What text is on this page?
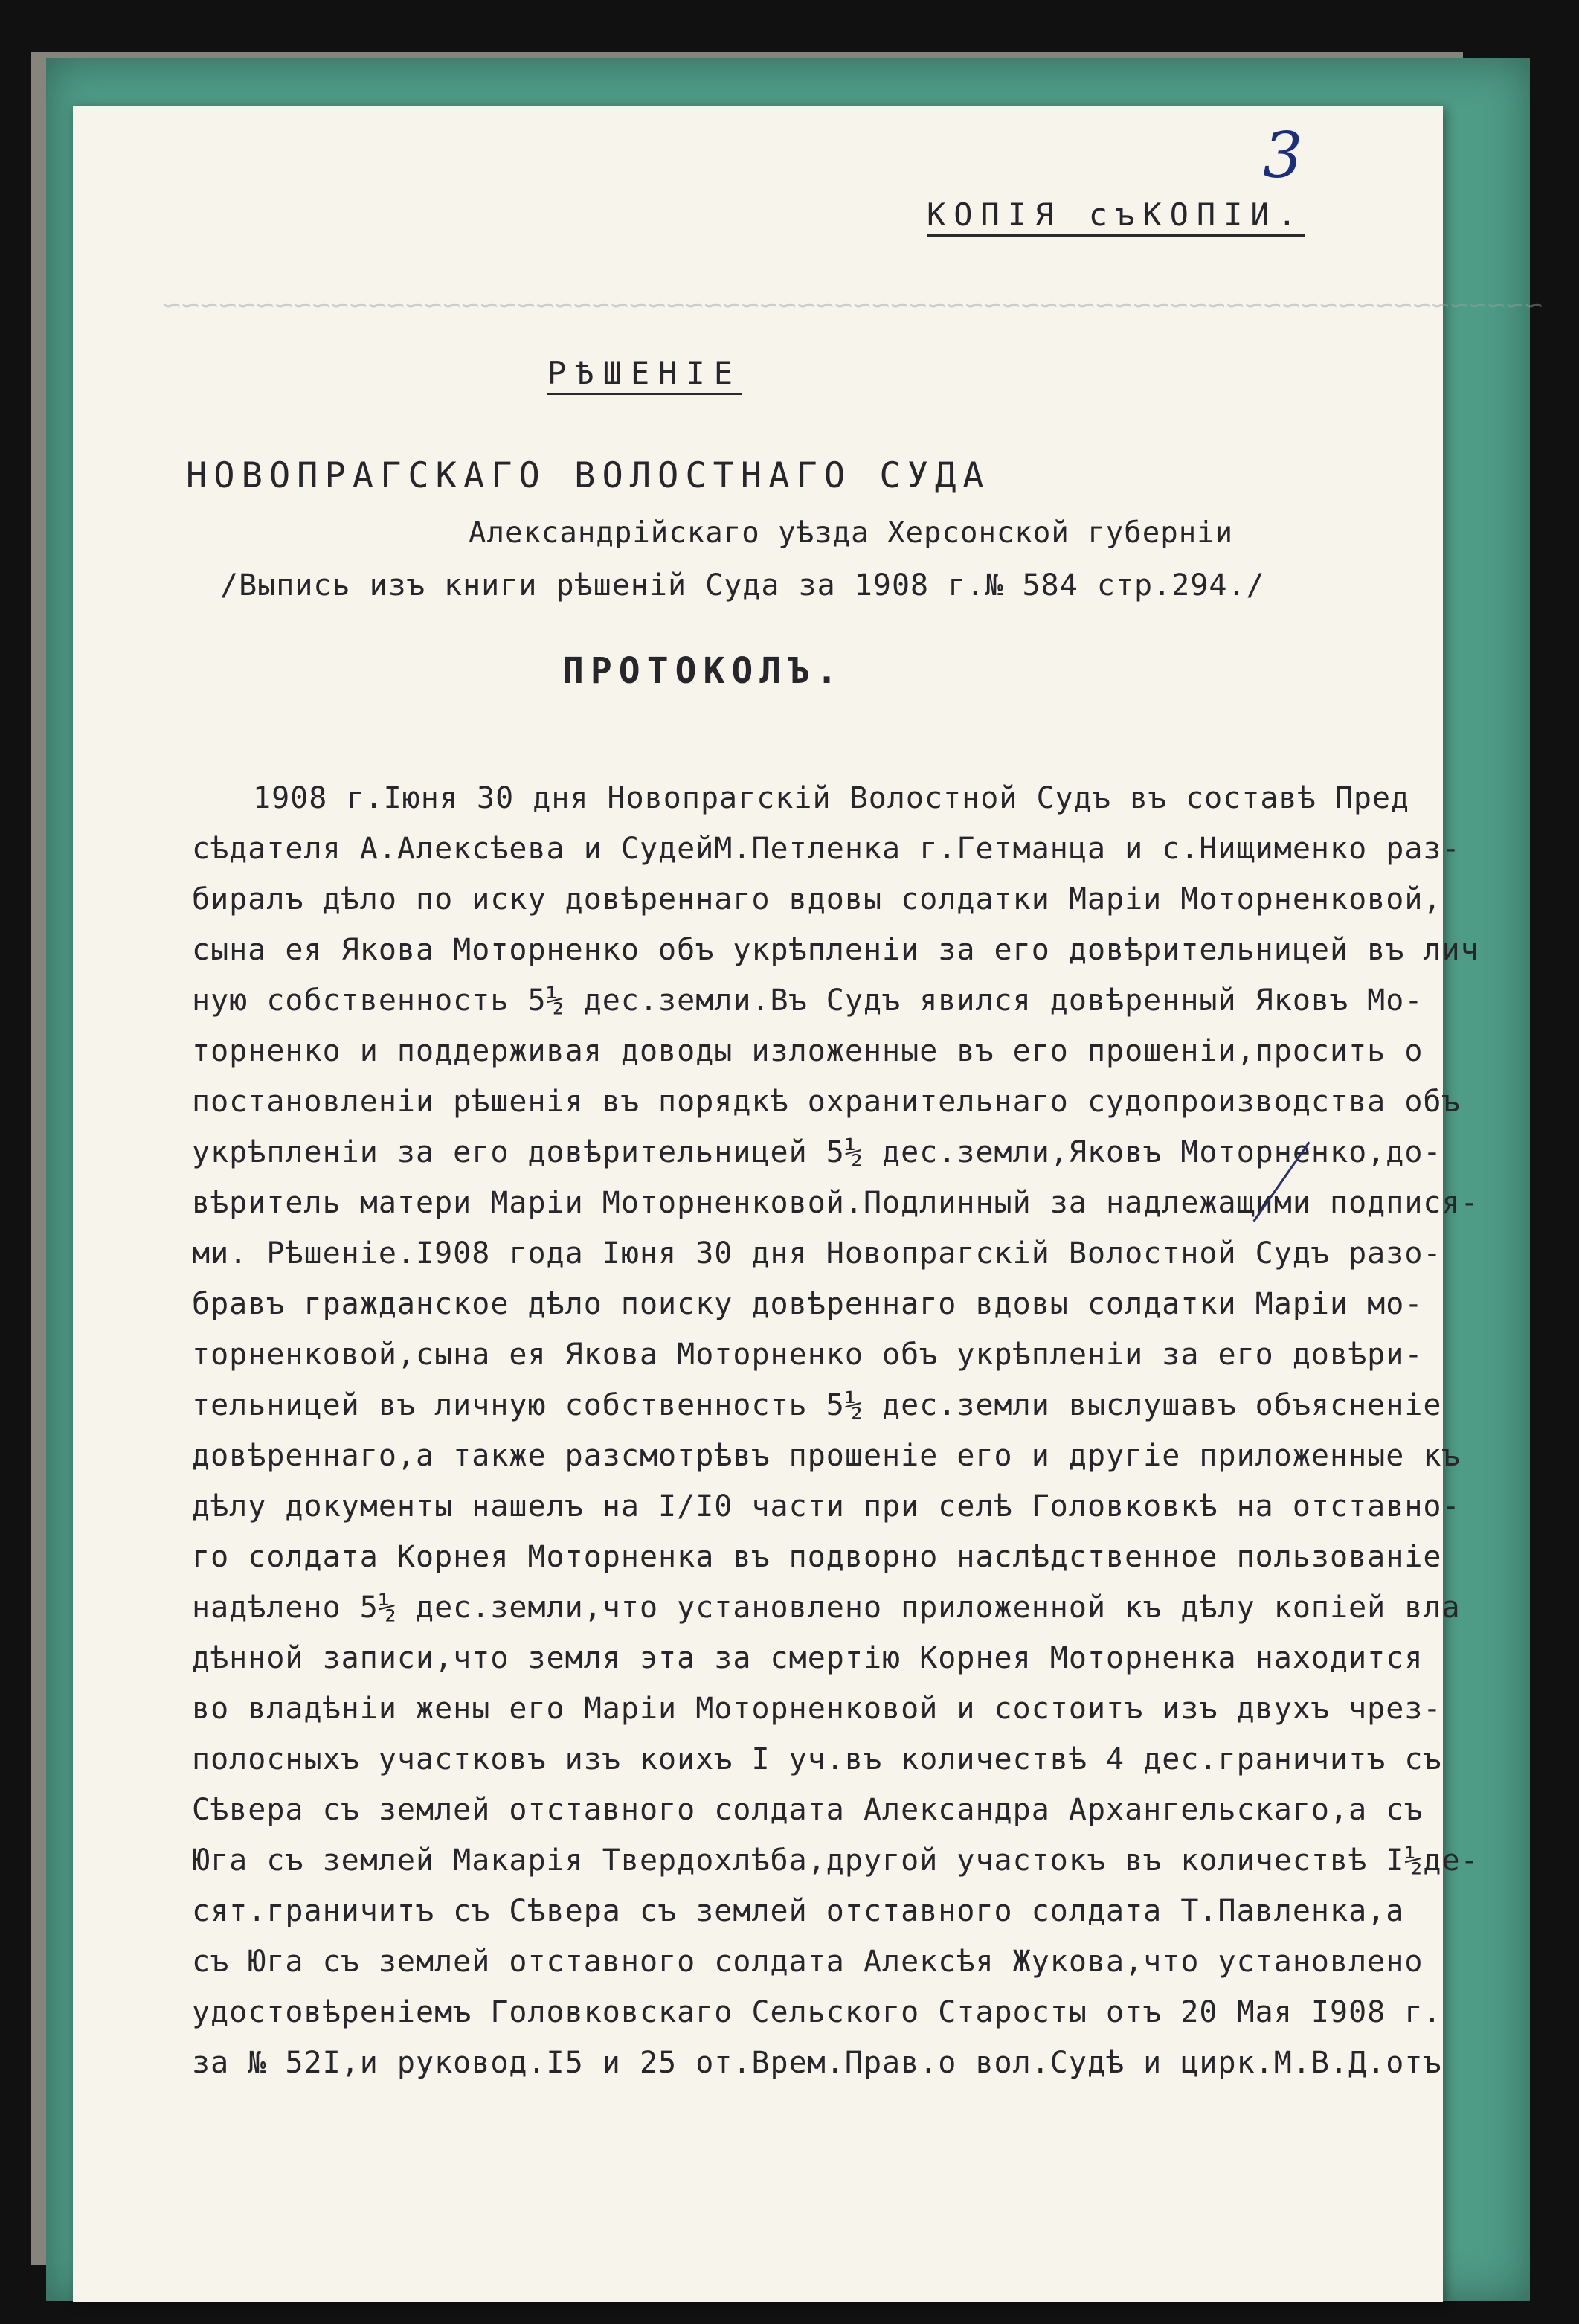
~~~~~~~~~~~~~~~~~~~~~~~~~~~~~~~~~~~~~~~~~~~~~~~~~~~~~~~~~~~~~~~~~~~~~~~~~~
3
КОПІЯ съКОПІИ.
РѢШЕНІЕ
НОВОПРАГСКАГО ВОЛОСТНАГО СУДА
Александрійскаго уѣзда Херсонской губерніи
/Выпись изъ книги рѣшеній Суда за 1908 г.№ 584 стр.294./
ПРОТОКОЛЪ.
1908 г.Іюня 30 дня Новопрагскій Волостной Судъ въ составѣ Пред
сѣдателя А.Алексѣева и СудейМ.Петленка г.Гетманца и с.Нищименко раз-
биралъ дѣло по иску довѣреннаго вдовы солдатки Маріи Моторненковой,
сына ея Якова Моторненко объ укрѣпленіи за его довѣрительницей въ лич
ную собственность 5½ дес.земли.Въ Судъ явился довѣренный Яковъ Мо-
торненко и поддерживая доводы изложенные въ его прошеніи,просить о
постановленіи рѣшенія въ порядкѣ охранительнаго судопроизводства объ
укрѣпленіи за его довѣрительницей 5½ дес.земли,Яковъ Моторненко,до-
вѣритель матери Маріи Моторненковой.Подлинный за надлежащими подпися-
ми. Рѣшеніе.І908 года Іюня 30 дня Новопрагскій Волостной Судъ разо-
бравъ гражданское дѣло поиску довѣреннаго вдовы солдатки Маріи мо-
торненковой,сына ея Якова Моторненко объ укрѣпленіи за его довѣри-
тельницей въ личную собственность 5½ дес.земли выслушавъ объясненіе
довѣреннаго,а также разсмотрѣвъ прошеніе его и другіе приложенные къ
дѣлу документы нашелъ на І/І0 части при селѣ Головковкѣ на отставно-
го солдата Корнея Моторненка въ подворно наслѣдственное пользованіе
надѣлено 5½ дес.земли,что установлено приложенной къ дѣлу копіей вла
дѣнной записи,что земля эта за смертію Корнея Моторненка находится
во владѣніи жены его Маріи Моторненковой и состоитъ изъ двухъ чрез-
полосныхъ участковъ изъ коихъ І уч.въ количествѣ 4 дес.граничитъ съ
Сѣвера съ землей отставного солдата Александра Архангельскаго,а съ
Юга съ землей Макарія Твердохлѣба,другой участокъ въ количествѣ І½де-
сят.граничитъ съ Сѣвера съ землей отставного солдата Т.Павленка,а
съ Юга съ землей отставного солдата Алексѣя Жукова,что установлено
удостовѣреніемъ Головковскаго Сельского Старосты отъ 20 Мая І908 г.
за № 52І,и руковод.І5 и 25 от.Врем.Прав.о вол.Судѣ и цирк.М.В.Д.отъ
